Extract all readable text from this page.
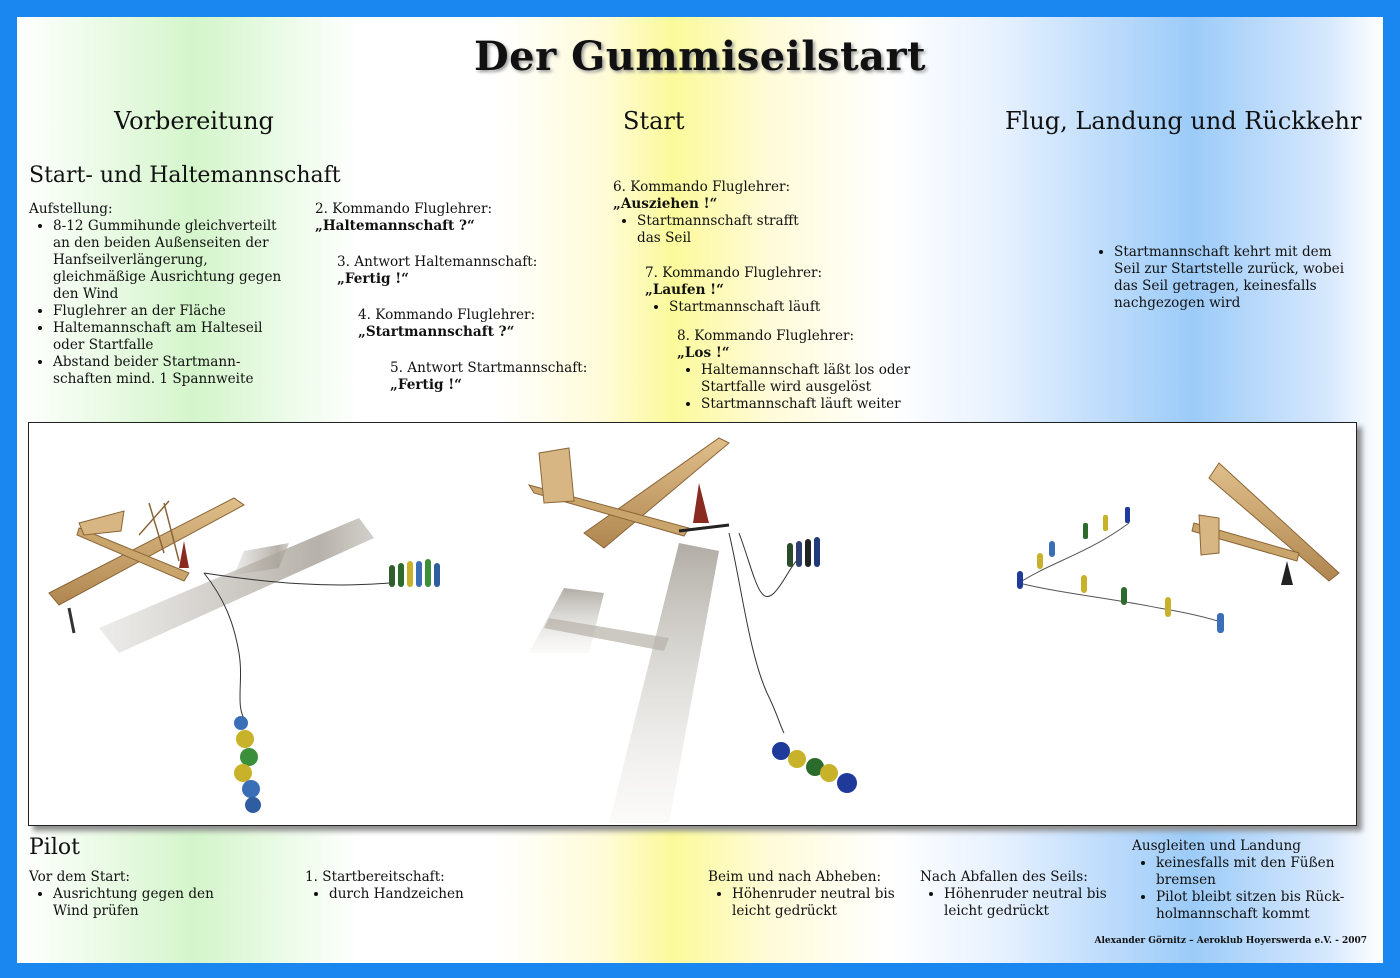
Der Gummiseilstart
Vorbereitung	Start	Flug, Landung und Rückkehr
Start- und Haltemannschaft
Aufstellung:
• 8-12 Gummihunde gleichverteilt an den beiden Außenseiten der Hanfseilverlängerung, gleichmäßige Ausrichtung gegen den Wind
• Fluglehrer an der Fläche
• Haltemannschaft am Halteseil oder Startfalle
• Abstand beider Startmann-schaften mind. 1 Spannweite
2. Kommando Fluglehrer:
„Haltemannschaft ?“
3. Antwort Haltemannschaft:
„Fertig !“
4. Kommando Fluglehrer:
„Startmannschaft ?“
5. Antwort Startmannschaft:
„Fertig !“
6. Kommando Fluglehrer:
„Ausziehen !“
• Startmannschaft strafft das Seil
7. Kommando Fluglehrer:
„Laufen !“
• Startmannschaft läuft
8. Kommando Fluglehrer:
„Los !“
• Haltemannschaft läßt los oder Startfalle wird ausgelöst
• Startmannschaft läuft weiter
• Startmannschaft kehrt mit dem Seil zur Startstelle zurück, wobei das Seil getragen, keinesfalls nachgezogen wird
Pilot
Vor dem Start:
• Ausrichtung gegen den Wind prüfen
1. Startbereitschaft:
• durch Handzeichen
Beim und nach Abheben:
• Höhenruder neutral bis leicht gedrückt
Nach Abfallen des Seils:
• Höhenruder neutral bis leicht gedrückt
Ausgleiten und Landung
• keinesfalls mit den Füßen bremsen
• Pilot bleibt sitzen bis Rück-holmannschaft kommt
Alexander Görnitz – Aeroklub Hoyerswerda e.V. - 2007
